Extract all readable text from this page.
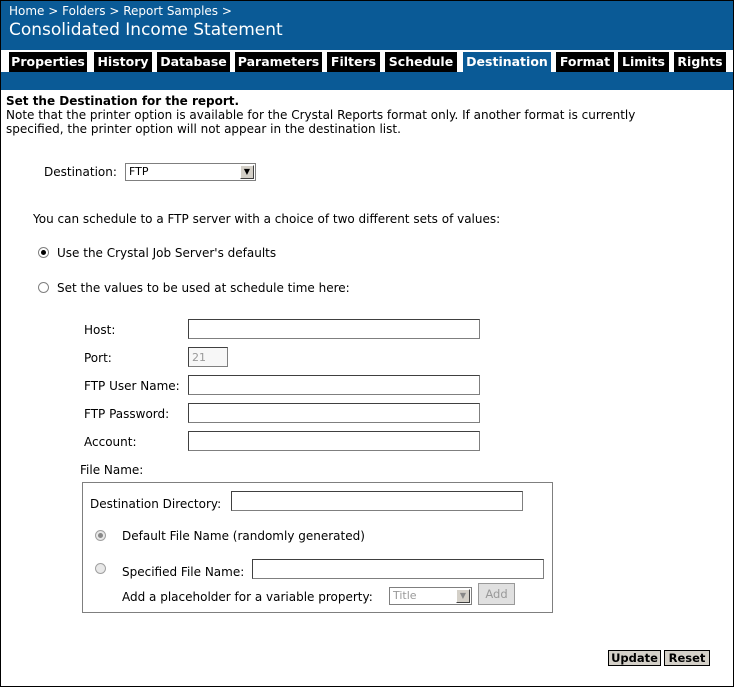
Home > Folders > Report Samples >
Consolidated Income Statement
Properties History Database Parameters Filters	Schedule	Destination Format Limits Rights
Set the Destination for the report.
Note that the printer option is available for the Crystal Reports format only. If another format is currently
specified, the printer option will not appear in the destination list.
Destination:	FTP	▼
You can schedule to a FTP server with a choice of two different sets of values:
Use the Crystal Job Server's defaults
Set the values to be used at schedule time here:
Host:
Port:
21
FTP User Name:
FTP Password:
Account:
File Name:
Destination Directory:
Default File Name (randomly generated)
Specified File Name:
Add a placeholder for a variable property:	Title	▼	Add
Update Reset
